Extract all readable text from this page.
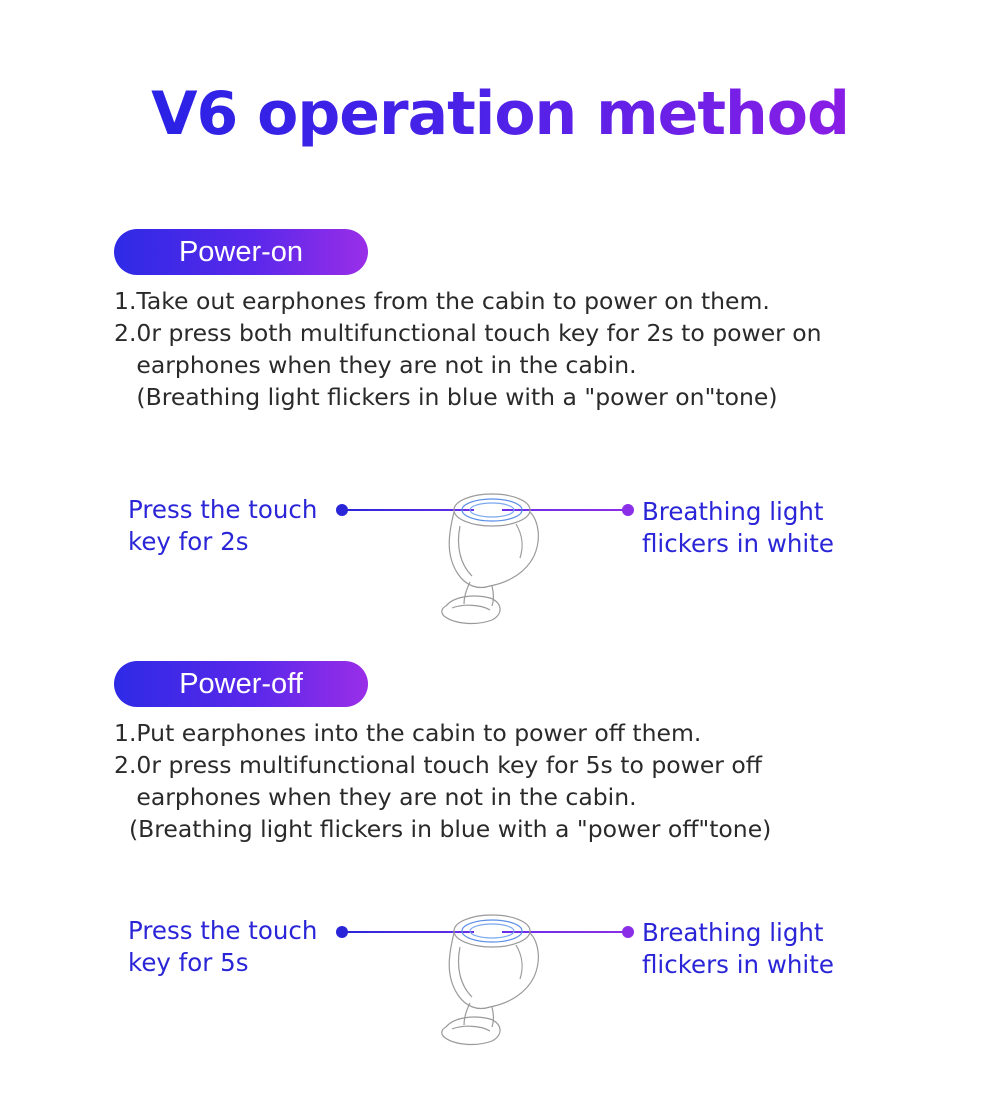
V6 operation method
Power-on
1.Take out earphones from the cabin to power on them.
2.0r press both multifunctional touch key for 2s to power on
earphones when they are not in the cabin.
(Breathing light flickers in blue with a "power on"tone)
Press the touch
key for 2s
Breathing light
flickers in white
Power-off
1.Put earphones into the cabin to power off them.
2.0r press multifunctional touch key for 5s to power off
earphones when they are not in the cabin.
(Breathing light flickers in blue with a "power off"tone)
Press the touch
key for 5s
Breathing light
flickers in white
